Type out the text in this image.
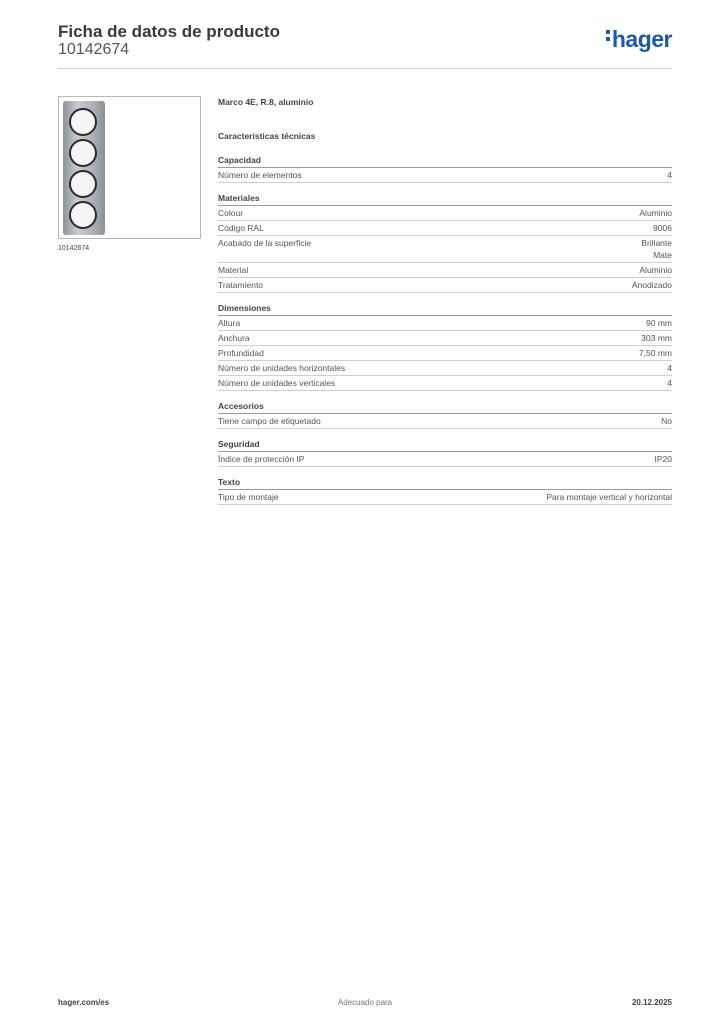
Ficha de datos de producto
10142674	hager
10142674
Marco 4E, R.8, aluminio
Características técnicas
Capacidad
Número de elementos	4
Materiales
Colour	Aluminio
Código RAL	9006
Acabado de la superficie	Brillante
Mate
Material	Aluminio
Tratamiento	Anodizado
Dimensiones
Altura	90 mm
Anchura	303 mm
Profundidad	7,50 mm
Número de unidades horizontales	4
Número de unidades verticales	4
Accesorios
Tiene campo de etiquetado	No
Seguridad
Índice de protección IP	IP20
Texto
Tipo de montaje	Para montaje vertical y horizontal
hager.com/es	Adecuado para	20.12.2025
